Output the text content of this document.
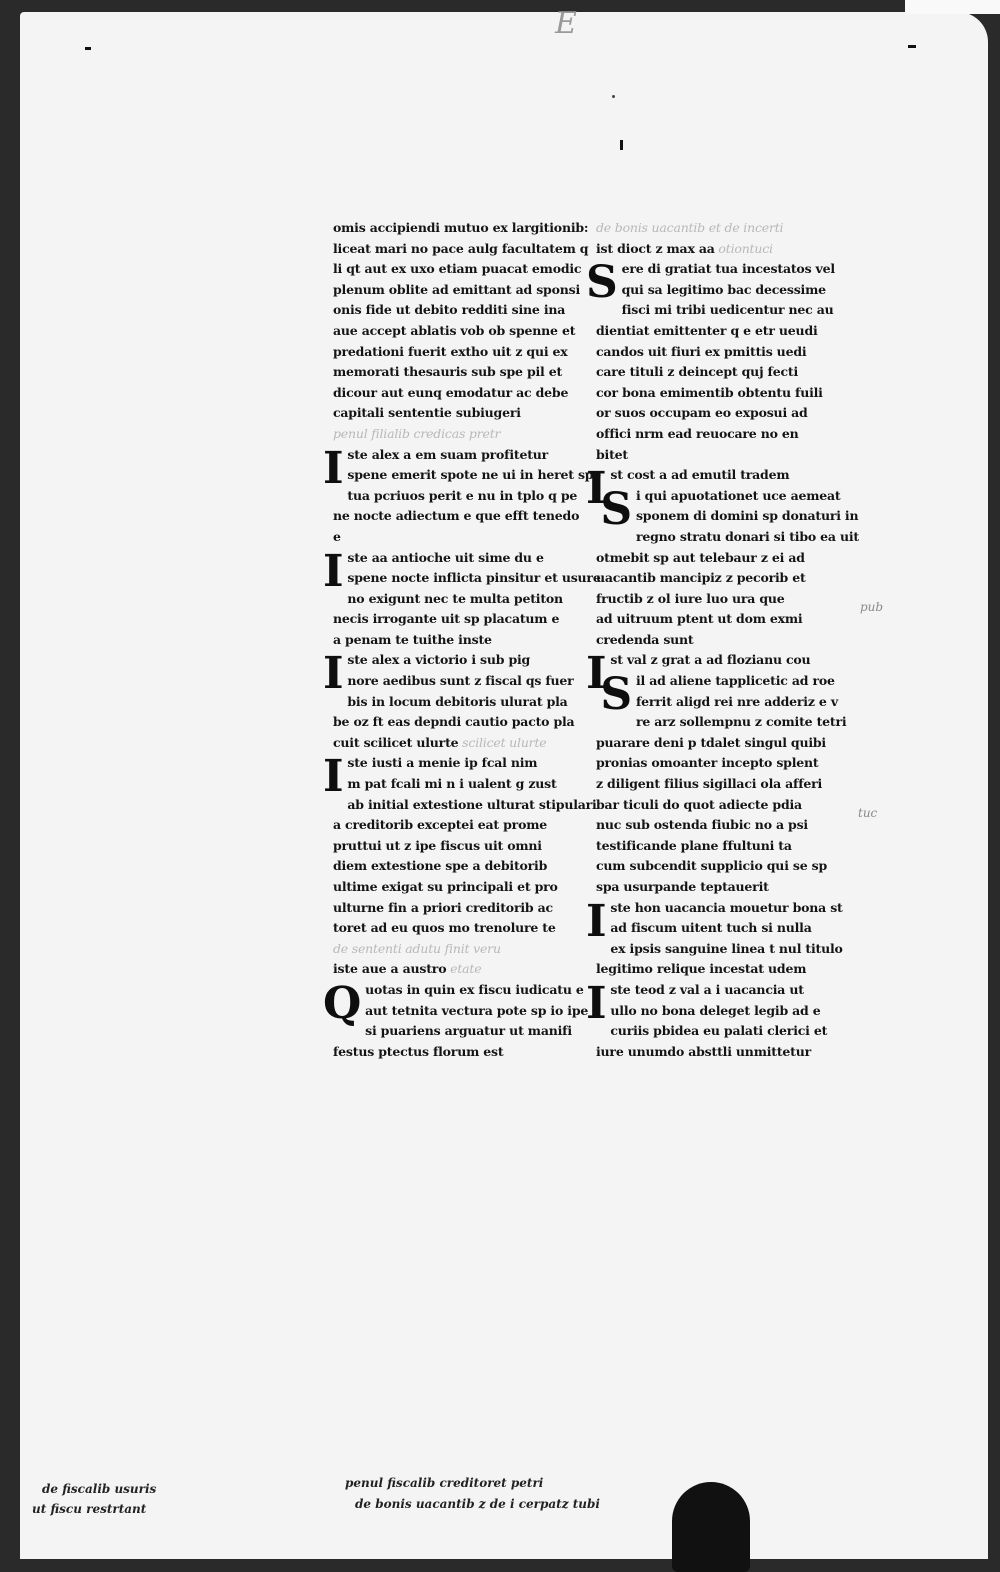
E
omis accipiendi mutuo ex largitionib:
liceat mari no pace aulg facultatem q
li qt aut ex uxo etiam puacat emodic
plenum oblite ad emittant ad sponsi
onis fide ut debito redditi sine ina
aue accept ablatis vob ob spenne et
predationi fuerit extho uit z qui ex
memorati thesauris sub spe pil et
dicour aut eunq emodatur ac debe
capitali sententie subiugeri
penul filialib credicas pretr
Iste alex a em suam profitetur
spene emerit spote ne ui in heret spe
tua pcriuos perit e nu in tplo q pe
ne nocte adiectum e que efft tenedo
e
Iste aa antioche uit sime du e
spene nocte inflicta pinsitur et usure
no exigunt nec te multa petiton
necis irrogante uit sp placatum e
a penam te tuithe inste
Iste alex a victorio i sub pig
nore aedibus sunt z fiscal qs fuer
bis in locum debitoris ulurat pla
be oz ft eas depndi cautio pacto pla
cuit scilicet ulurte scilicet ulurte
Iste iusti a menie ip fcal nim
m pat fcali mi n i ualent g zust
ab initial extestione ulturat stipulari
a creditorib exceptei eat prome
pruttui ut z ipe fiscus uit omni
diem extestione spe a debitorib
ultime exigat su principali et pro
ulturne fin a priori creditorib ac
toret ad eu quos mo trenolure te
de sententi adutu finit veru
iste aue a austro etate
Quotas in quin ex fiscu iudicatu e
aut tetnita vectura pote sp io ipe
si puariens arguatur ut manifi
festus ptectus florum est
de bonis uacantib et de incerti
ist dioct z max aa otiontuci
Sere di gratiat tua incestatos vel
qui sa legitimo bac decessime
fisci mi tribi uedicentur nec au
dientiat emittenter q e etr ueudi
candos uit fiuri ex pmittis uedi
care tituli z deincept quj fecti
cor bona emimentib obtentu fuili
or suos occupam eo exposui ad
offici nrm ead reuocare no en
bitet
Ist cost a ad emutil tradem
Si qui apuotationet uce aemeat
sponem di domini sp donaturi in
regno stratu donari si tibo ea uit
otmebit sp aut telebaur z ei ad
uacantib mancipiz z pecorib et
fructib z ol iure luo ura que
ad uitruum ptent ut dom exmi
credenda sunt
Ist val z grat a ad flozianu cou
Sil ad aliene tapplicetic ad roe
ferrit aligd rei nre adderiz e v
re arz sollempnu z comite tetri
puarare deni p tdalet singul quibi
pronias omoanter incepto splent
z diligent filius sigillaci ola afferi
bar ticuli do quot adiecte pdia
nuc sub ostenda fiubic no a psi
testificande plane ffultuni ta
cum subcendit supplicio qui se sp
spa usurpande teptauerit
Iste hon uacancia mouetur bona st
ad fiscum uitent tuch si nulla
ex ipsis sanguine linea t nul titulo
legitimo relique incestat udem
Iste teod z val a i uacancia ut
ullo no bona deleget legib ad e
curiis pbidea eu palati clerici et
iure unumdo absttli unmittetur
pub
tuc
de fiscalib usuris
ut fiscu restrtant
penul fiscalib creditoret petri
de bonis uacantib z de i cerpatz tubi
